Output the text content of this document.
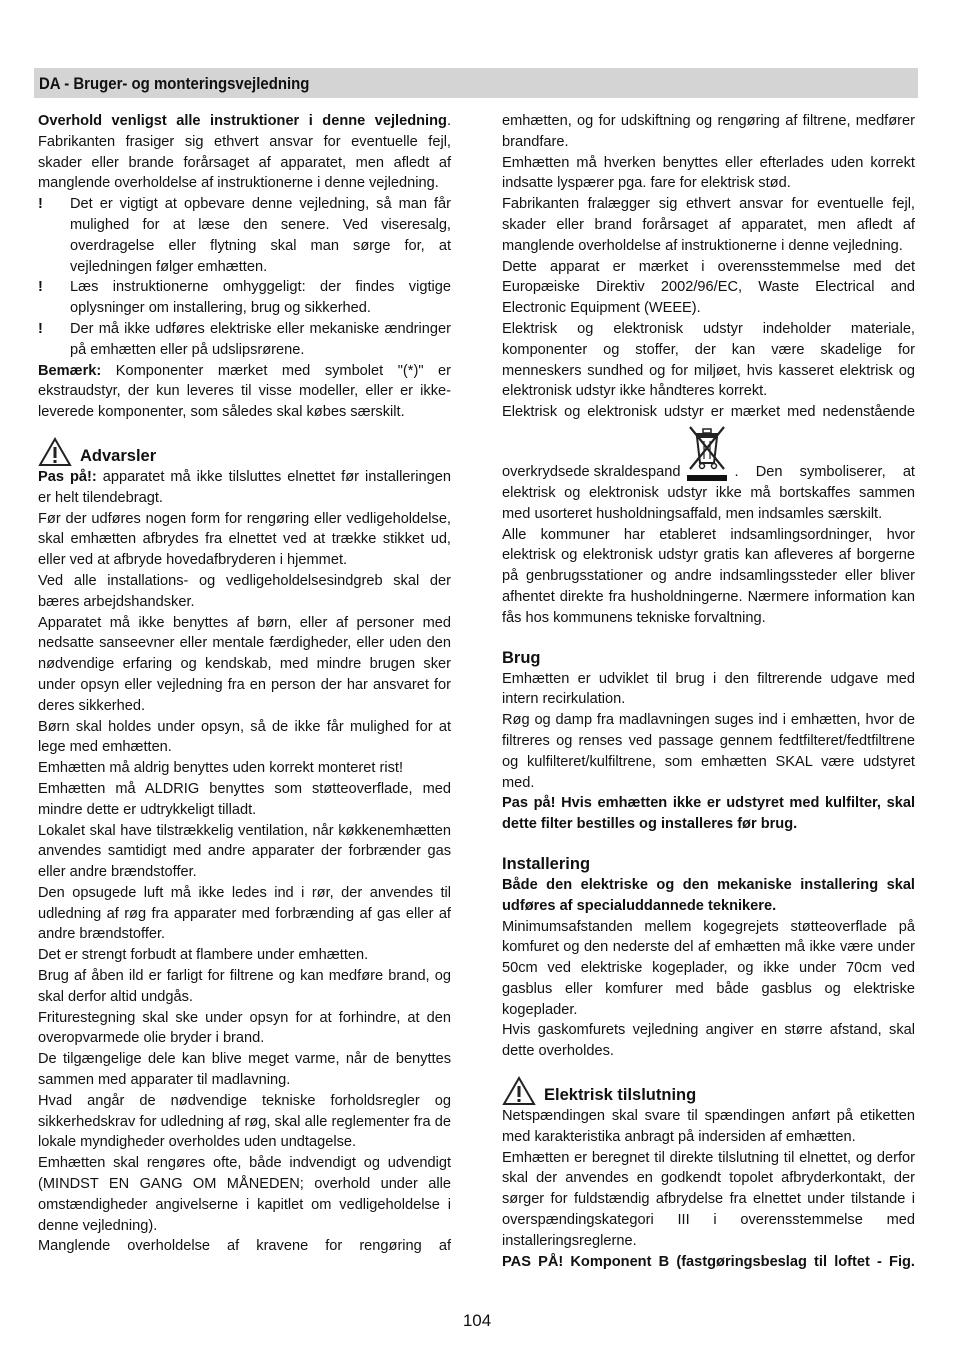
DA - Bruger- og monteringsvejledning

Overhold venligst alle instruktioner i denne vejledning. Fabrikanten frasiger sig ethvert ansvar for eventuelle fejl, skader eller brande forårsaget af apparatet, men afledt af manglende overholdelse af instruktionerne i denne vejledning.

!	Det er vigtigt at opbevare denne vejledning, så man får mulighed for at læse den senere. Ved viseresalg, overdragelse eller flytning skal man sørge for, at vejledningen følger emhætten.
!	Læs instruktionerne omhyggeligt: der findes vigtige oplysninger om installering, brug og sikkerhed.
!	Der må ikke udføres elektriske eller mekaniske ændringer på emhætten eller på udslipsrørene.

Bemærk: Komponenter mærket med symbolet "(*)" er ekstraudstyr, der kun leveres til visse modeller, eller er ikke-leverede komponenter, som således skal købes særskilt.

Advarsler

Pas på!: apparatet må ikke tilsluttes elnettet før installeringen er helt tilendebragt.

Før der udføres nogen form for rengøring eller vedligeholdelse, skal emhætten afbrydes fra elnettet ved at trække stikket ud, eller ved at afbryde hovedafbryderen i hjemmet.

Ved alle installations- og vedligeholdelsesindgreb skal der bæres arbejdshandsker.

Apparatet må ikke benyttes af børn, eller af personer med nedsatte sanseevner eller mentale færdigheder, eller uden den nødvendige erfaring og kendskab, med mindre brugen sker under opsyn eller vejledning fra en person der har ansvaret for deres sikkerhed.

Børn skal holdes under opsyn, så de ikke får mulighed for at lege med emhætten.

Emhætten må aldrig benyttes uden korrekt monteret rist!

Emhætten må ALDRIG benyttes som støtteoverflade, med mindre dette er udtrykkeligt tilladt.

Lokalet skal have tilstrækkelig ventilation, når køkkenemhætten anvendes samtidigt med andre apparater der forbrænder gas eller andre brændstoffer.

Den opsugede luft må ikke ledes ind i rør, der anvendes til udledning af røg fra apparater med forbrænding af gas eller af andre brændstoffer.

Det er strengt forbudt at flambere under emhætten.

Brug af åben ild er farligt for filtrene og kan medføre brand, og skal derfor altid undgås.

Friturestegning skal ske under opsyn for at forhindre, at den overopvarmede olie bryder i brand.

De tilgængelige dele kan blive meget varme, når de benyttes sammen med apparater til madlavning.

Hvad angår de nødvendige tekniske forholdsregler og sikkerhedskrav for udledning af røg, skal alle reglementer fra de lokale myndigheder overholdes uden undtagelse.

Emhætten skal rengøres ofte, både indvendigt og udvendigt (MINDST EN GANG OM MÅNEDEN; overhold under alle omstændigheder angivelserne i kapitlet om vedligeholdelse i denne vejledning).

Manglende overholdelse af kravene for rengøring af

emhætten, og for udskiftning og rengøring af filtrene, medfører brandfare.

Emhætten må hverken benyttes eller efterlades uden korrekt indsatte lyspærer pga. fare for elektrisk stød.

Fabrikanten fralægger sig ethvert ansvar for eventuelle fejl, skader eller brand forårsaget af apparatet, men afledt af manglende overholdelse af instruktionerne i denne vejledning.

Dette apparat er mærket i overensstemmelse med det Europæiske Direktiv 2002/96/EC, Waste Electrical and Electronic Equipment (WEEE).

Elektrisk og elektronisk udstyr indeholder materiale, komponenter og stoffer, der kan være skadelige for menneskers sundhed og for miljøet, hvis kasseret elektrisk og elektronisk udstyr ikke håndteres korrekt.

Elektrisk og elektronisk udstyr er mærket med nedenstående

overkrydsede skraldespand	. Den symboliserer, at

elektrisk og elektronisk udstyr ikke må bortskaffes sammen med usorteret husholdningsaffald, men indsamles særskilt.

Alle kommuner har etableret indsamlingsordninger, hvor elektrisk og elektronisk udstyr gratis kan afleveres af borgerne på genbrugsstationer og andre indsamlingssteder eller bliver afhentet direkte fra husholdningerne. Nærmere information kan fås hos kommunens tekniske forvaltning.

Brug

Emhætten er udviklet til brug i den filtrerende udgave med intern recirkulation.

Røg og damp fra madlavningen suges ind i emhætten, hvor de filtreres og renses ved passage gennem fedtfilteret/fedtfiltrene og kulfilteret/kulfiltrene, som emhætten SKAL være udstyret med.

Pas på! Hvis emhætten ikke er udstyret med kulfilter, skal dette filter bestilles og installeres før brug.

Installering

Både den elektriske og den mekaniske installering skal udføres af specialuddannede teknikere.

Minimumsafstanden mellem kogegrejets støtteoverflade på komfuret og den nederste del af emhætten må ikke være under 50cm ved elektriske kogeplader, og ikke under 70cm ved gasblus eller komfurer med både gasblus og elektriske kogeplader.

Hvis gaskomfurets vejledning angiver en større afstand, skal dette overholdes.

Elektrisk tilslutning

Netspændingen skal svare til spændingen anført på etiketten med karakteristika anbragt på indersiden af emhætten.

Emhætten er beregnet til direkte tilslutning til elnettet, og derfor skal der anvendes en godkendt topolet afbryderkontakt, der sørger for fuldstændig afbrydelse fra elnettet under tilstande i overspændingskategori III i overensstemmelse med installeringsreglerne.

PAS PÅ! Komponent B (fastgøringsbeslag til loftet - Fig.

104
